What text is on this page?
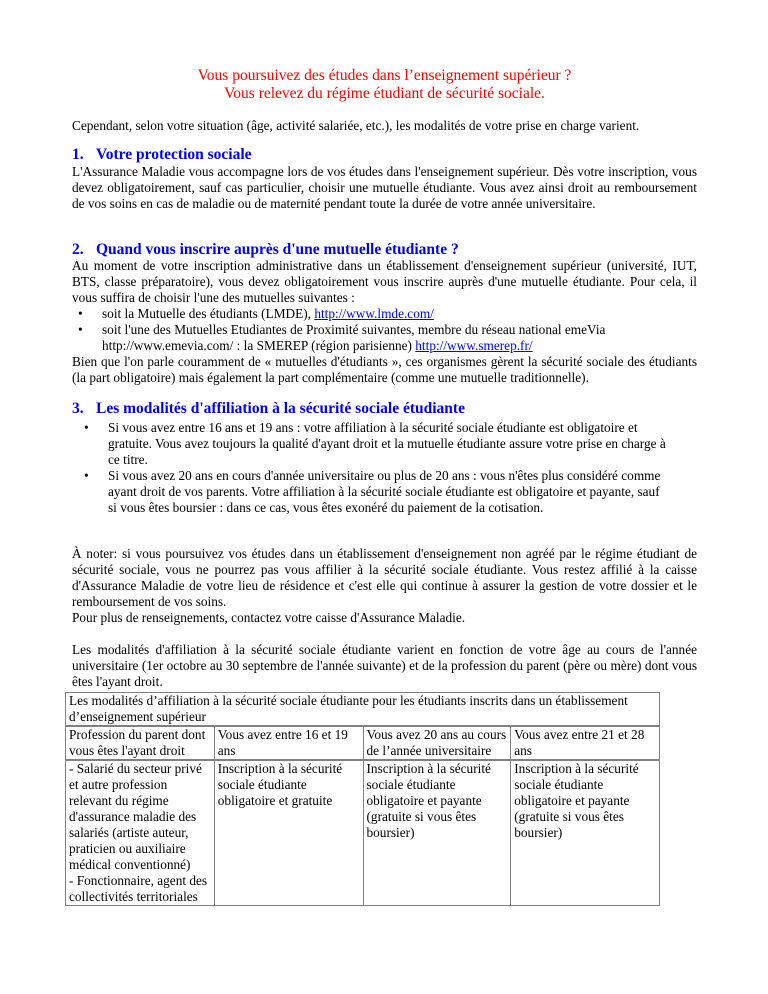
Vous poursuivez des études dans l’enseignement supérieur ?
Vous relevez du régime étudiant de sécurité sociale.
Cependant, selon votre situation (âge, activité salariée, etc.), les modalités de votre prise en charge varient.
1. Votre protection sociale
L'Assurance Maladie vous accompagne lors de vos études dans l'enseignement supérieur. Dès votre inscription, vous devez obligatoirement, sauf cas particulier, choisir une mutuelle étudiante. Vous avez ainsi droit au remboursement de vos soins en cas de maladie ou de maternité pendant toute la durée de votre année universitaire.
2. Quand vous inscrire auprès d'une mutuelle étudiante ?
Au moment de votre inscription administrative dans un établissement d'enseignement supérieur (université, IUT, BTS, classe préparatoire), vous devez obligatoirement vous inscrire auprès d'une mutuelle étudiante. Pour cela, il vous suffira de choisir l'une des mutuelles suivantes :
• soit la Mutuelle des étudiants (LMDE), http://www.lmde.com/
• soit l'une des Mutuelles Etudiantes de Proximité suivantes, membre du réseau national emeVia http://www.emevia.com/ : la SMEREP (région parisienne) http://www.smerep.fr/
Bien que l'on parle couramment de « mutuelles d'étudiants », ces organismes gèrent la sécurité sociale des étudiants (la part obligatoire) mais également la part complémentaire (comme une mutuelle traditionnelle).
3. Les modalités d'affiliation à la sécurité sociale étudiante
• Si vous avez entre 16 ans et 19 ans : votre affiliation à la sécurité sociale étudiante est obligatoire et gratuite. Vous avez toujours la qualité d'ayant droit et la mutuelle étudiante assure votre prise en charge à ce titre.
• Si vous avez 20 ans en cours d'année universitaire ou plus de 20 ans : vous n'êtes plus considéré comme ayant droit de vos parents. Votre affiliation à la sécurité sociale étudiante est obligatoire et payante, sauf si vous êtes boursier : dans ce cas, vous êtes exonéré du paiement de la cotisation.
À noter: si vous poursuivez vos études dans un établissement d'enseignement non agréé par le régime étudiant de sécurité sociale, vous ne pourrez pas vous affilier à la sécurité sociale étudiante. Vous restez affilié à la caisse d'Assurance Maladie de votre lieu de résidence et c'est elle qui continue à assurer la gestion de votre dossier et le remboursement de vos soins.
Pour plus de renseignements, contactez votre caisse d'Assurance Maladie.
Les modalités d'affiliation à la sécurité sociale étudiante varient en fonction de votre âge au cours de l'année universitaire (1er octobre au 30 septembre de l'année suivante) et de la profession du parent (père ou mère) dont vous êtes l'ayant droit.
Les modalités d’affiliation à la sécurité sociale étudiante pour les étudiants inscrits dans un établissement d’enseignement supérieur			
Profession du parent dont vous êtes l'ayant droit	Vous avez entre 16 et 19 ans	Vous avez 20 ans au cours de l’année universitaire	Vous avez entre 21 et 28 ans

- Salarié du secteur privé et autre profession relevant du régime d'assurance maladie des salariés (artiste auteur, praticien ou auxiliaire médical conventionné)
- Fonctionnaire, agent des collectivités territoriales	Inscription à la sécurité sociale étudiante obligatoire et gratuite	Inscription à la sécurité sociale étudiante obligatoire et payante (gratuite si vous êtes boursier)	Inscription à la sécurité sociale étudiante obligatoire et payante (gratuite si vous êtes boursier)
